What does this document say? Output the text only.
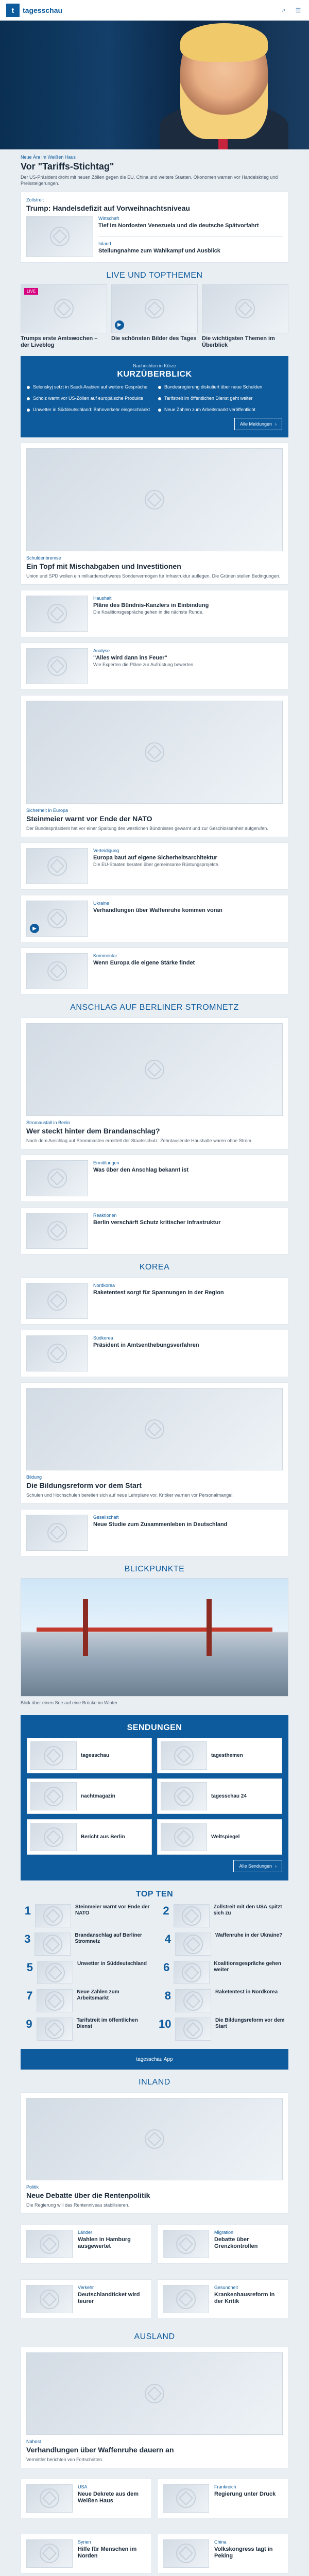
t tagesschau	⌕	☰
Neue Ära im Weißen Haus
Vor "Tariffs-Stichtag"
Der US-Präsident droht mit neuen Zöllen gegen die EU, China und weitere Staaten. Ökonomen warnen vor Handelskrieg und Preissteigerungen.
Zollstreit
Trump: Handelsdefizit auf Vorweihnachtsniveau
Wirtschaft
Tief im Nordosten Venezuela und die deutsche Spätvorfahrt
Inland
Stellungnahme zum Wahlkampf und Ausblick
LIVE UND TOPTHEMEN
LIVE
Trumps erste Amtswochen – der Liveblog
▶
Die schönsten Bilder des Tages Die wichtigsten Themen im Überblick
Nachrichten in Kürze
KURZÜBERBLICK
Selenskyj setzt in Saudi-Arabien auf weitere Gespräche	Bundesregierung diskutiert über neue Schulden
Scholz warnt vor US-Zöllen auf europäische Produkte	Tarifstreit im öffentlichen Dienst geht weiter
Unwetter in Süddeutschland: Bahnverkehr eingeschränkt	Neue Zahlen zum Arbeitsmarkt veröffentlicht
Alle Meldungen ›
Schuldenbremse
Ein Topf mit Mischabgaben und Investitionen
Union und SPD wollen ein milliardenschweres Sondervermögen für Infrastruktur auflegen. Die Grünen stellen Bedingungen.
Haushalt
Pläne des Bündnis-Kanzlers in Einbindung
Die Koalitionsgespräche gehen in die nächste Runde.
Analyse
"Alles wird dann ins Feuer"
Wie Experten die Pläne zur Aufrüstung bewerten.
Sicherheit in Europa
Steinmeier warnt vor Ende der NATO
Der Bundespräsident hat vor einer Spaltung des westlichen Bündnisses gewarnt und zur Geschlossenheit aufgerufen.
Verteidigung
Europa baut auf eigene Sicherheitsarchitektur
Die EU-Staaten beraten über gemeinsame Rüstungsprojekte.
▶
Ukraine
Verhandlungen über Waffenruhe kommen voran
Kommentar
Wenn Europa die eigene Stärke findet
ANSCHLAG AUF BERLINER STROMNETZ
Stromausfall in Berlin
Wer steckt hinter dem Brandanschlag?
Nach dem Anschlag auf Strommasten ermittelt der Staatsschutz. Zehntausende Haushalte waren ohne Strom.
Ermittlungen
Was über den Anschlag bekannt ist
Reaktionen
Berlin verschärft Schutz kritischer Infrastruktur
KOREA
Nordkorea
Raketentest sorgt für Spannungen in der Region
Südkorea
Präsident in Amtsenthebungsverfahren
Bildung
Die Bildungsreform vor dem Start
Schulen und Hochschulen bereiten sich auf neue Lehrpläne vor. Kritiker warnen vor Personalmangel.
Gesellschaft
Neue Studie zum Zusammenleben in Deutschland
BLICKPUNKTE
Blick über einen See auf eine Brücke im Winter
SENDUNGEN
tagesschau	tagesthemen
nachtmagazin	tagesschau 24
Bericht aus Berlin	Weltspiegel
Alle Sendungen ›
TOP TEN
1	Steinmeier warnt vor Ende der NATO	2	Zollstreit mit den USA spitzt sich zu
3	Brandanschlag auf Berliner Stromnetz	4	Waffenruhe in der Ukraine?
5	Unwetter in Süddeutschland	6	Koalitionsgespräche gehen weiter
7	Neue Zahlen zum Arbeitsmarkt	8	Raketentest in Nordkorea
9	Tarifstreit im öffentlichen Dienst	10	Die Bildungsreform vor dem Start
tagesschau App
INLAND
Politik
Neue Debatte über die Rentenpolitik
Die Regierung will das Rentenniveau stabilisieren.
Länder
Wahlen in Hamburg ausgewertet
Migration
Debatte über Grenzkontrollen
Verkehr
Deutschlandticket wird teurer
Gesundheit
Krankenhausreform in der Kritik
AUSLAND
Nahost
Verhandlungen über Waffenruhe dauern an
Vermittler berichten von Fortschritten.
USA
Neue Dekrete aus dem Weißen Haus
Frankreich
Regierung unter Druck
Syrien
Hilfe für Menschen im Norden
China
Volkskongress tagt in Peking
